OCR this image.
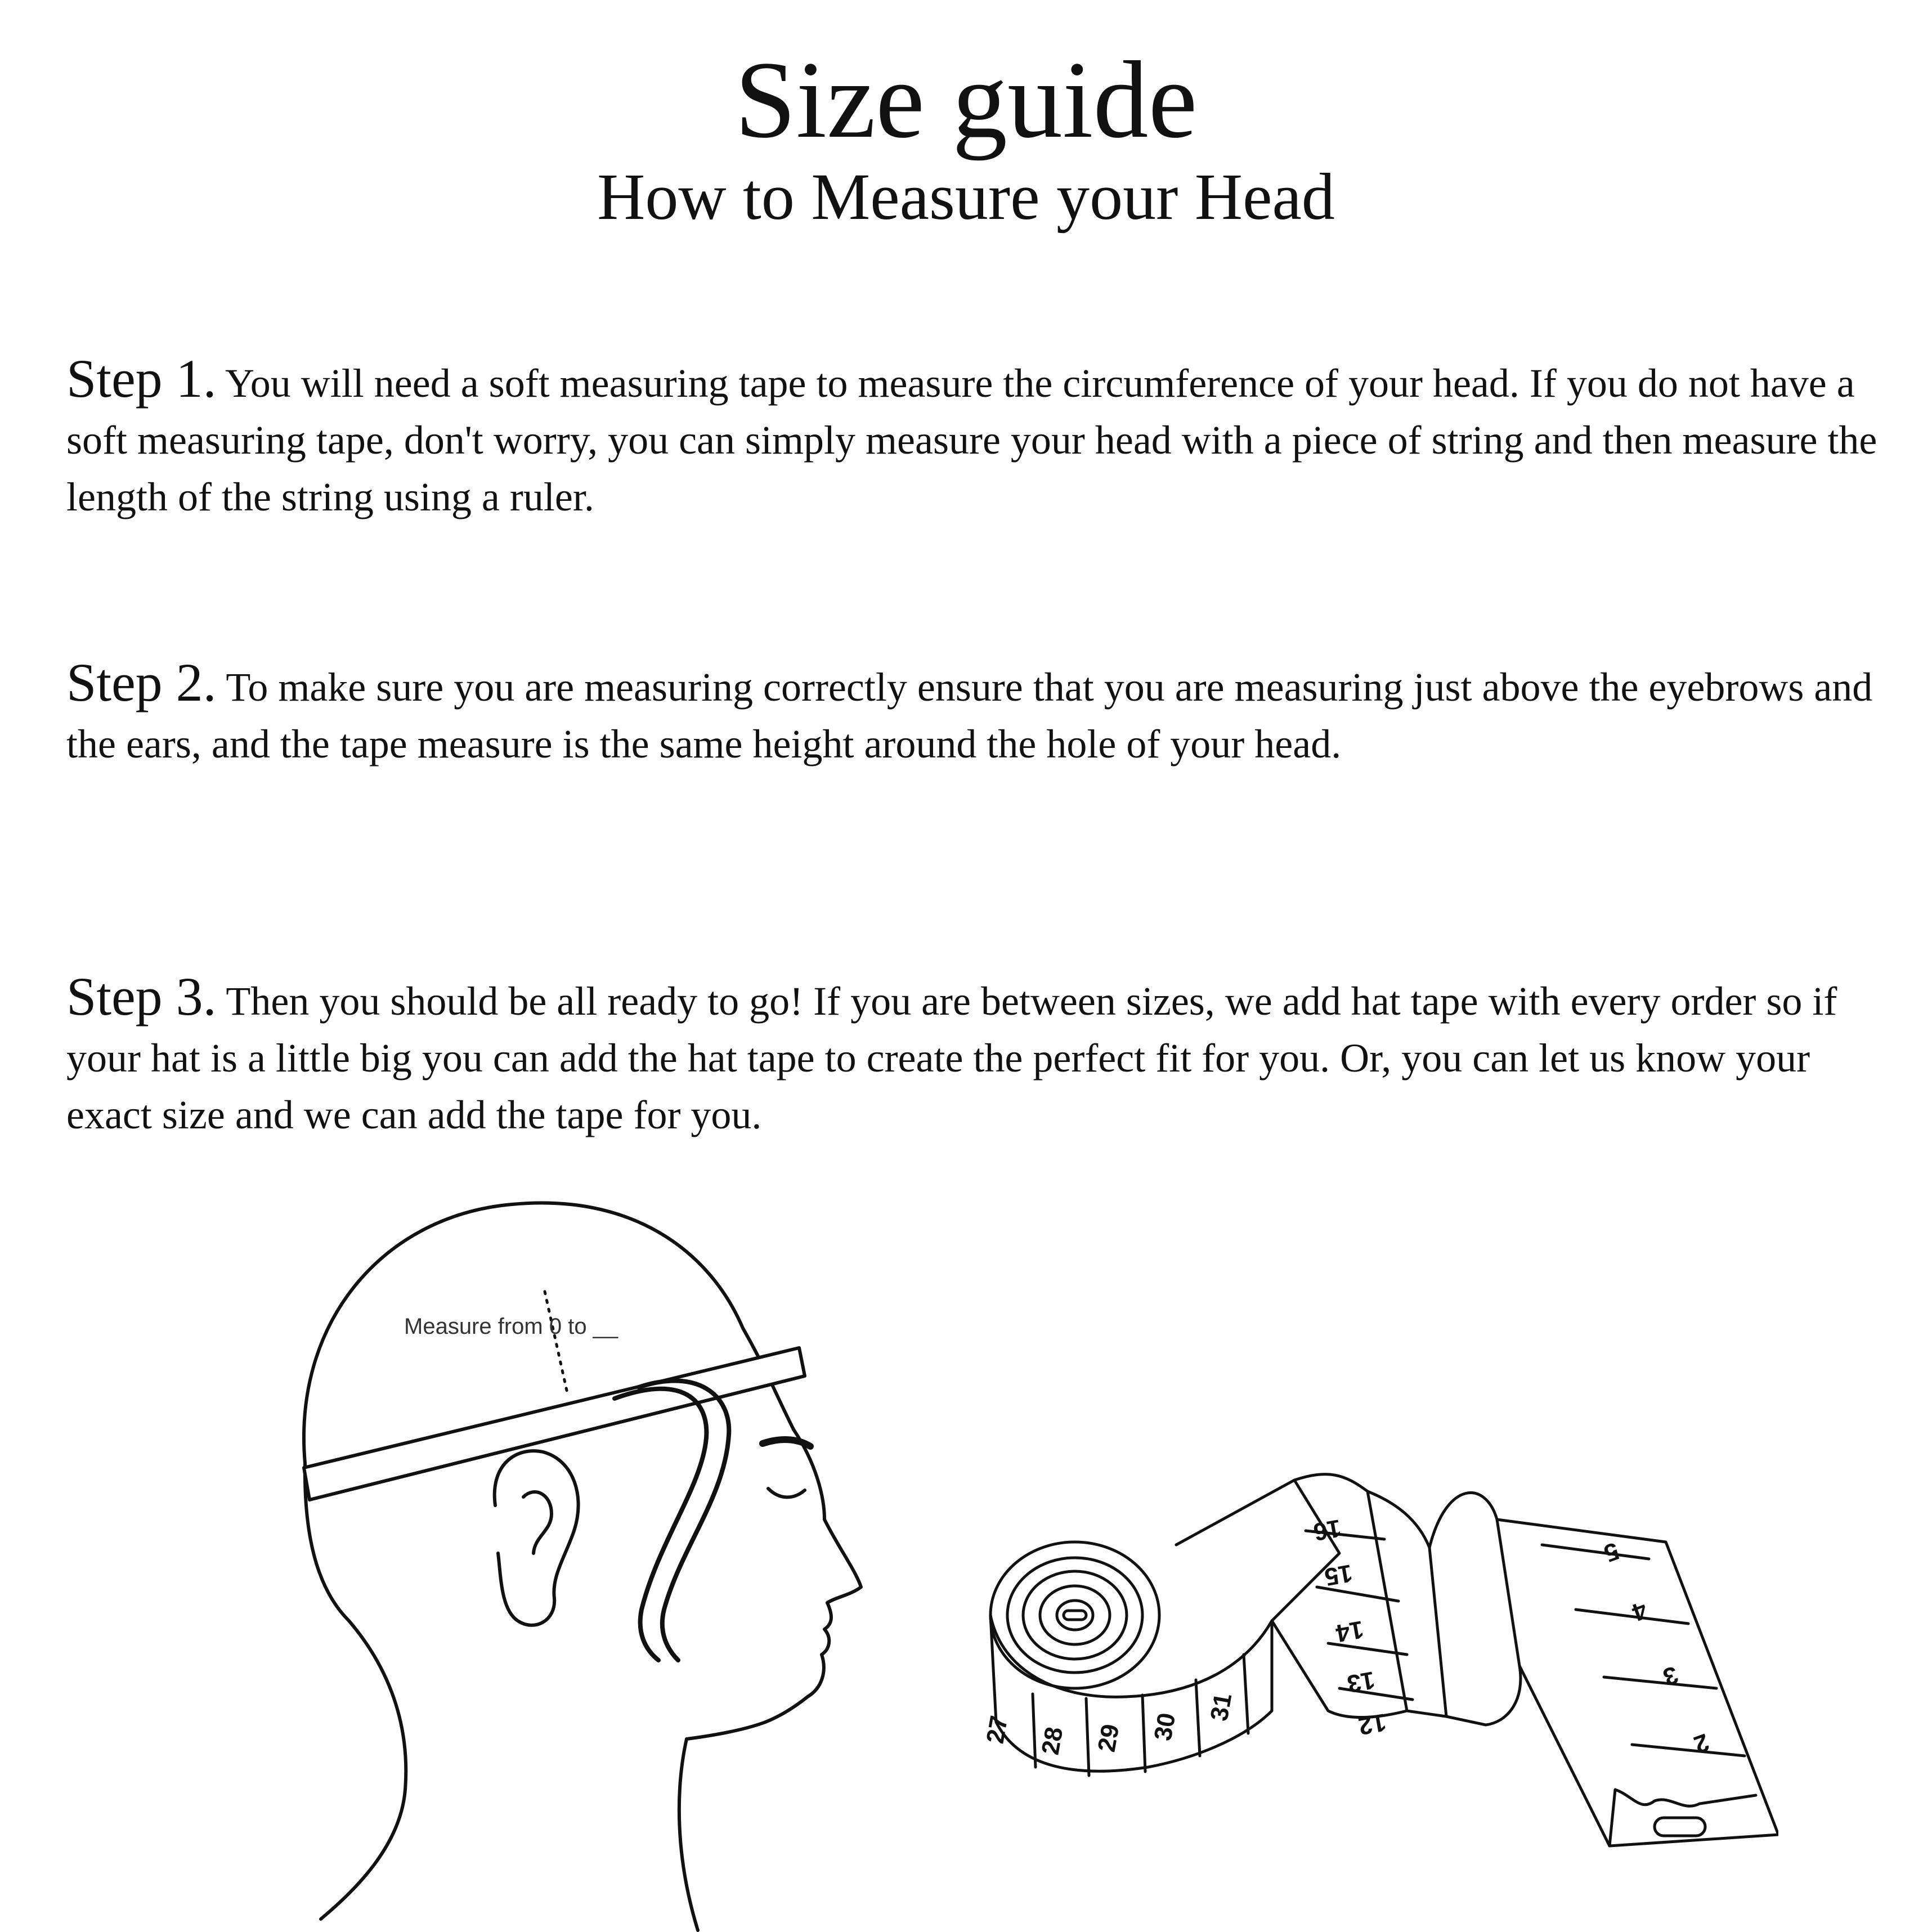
Size guide
How to Measure your Head

Step 1. You will need a soft measuring tape to measure the circumference of your head. If you do not have a soft measuring tape, don't worry, you can simply measure your head with a piece of string and then measure the length of the string using a ruler.

Step 2. To make sure you are measuring correctly ensure that you are measuring just above the eyebrows and the ears, and the tape measure is the same height around the hole of your head.

Step 3. Then you should be all ready to go! If you are between sizes, we add hat tape with every order so if your hat is a little big you can add the hat tape to create the perfect fit for you. Or, you can let us know your exact size and we can add the tape for you.

Measure from 0 to __
27 28 29 30
31
16
15
14
13
12
5
4
3
2
